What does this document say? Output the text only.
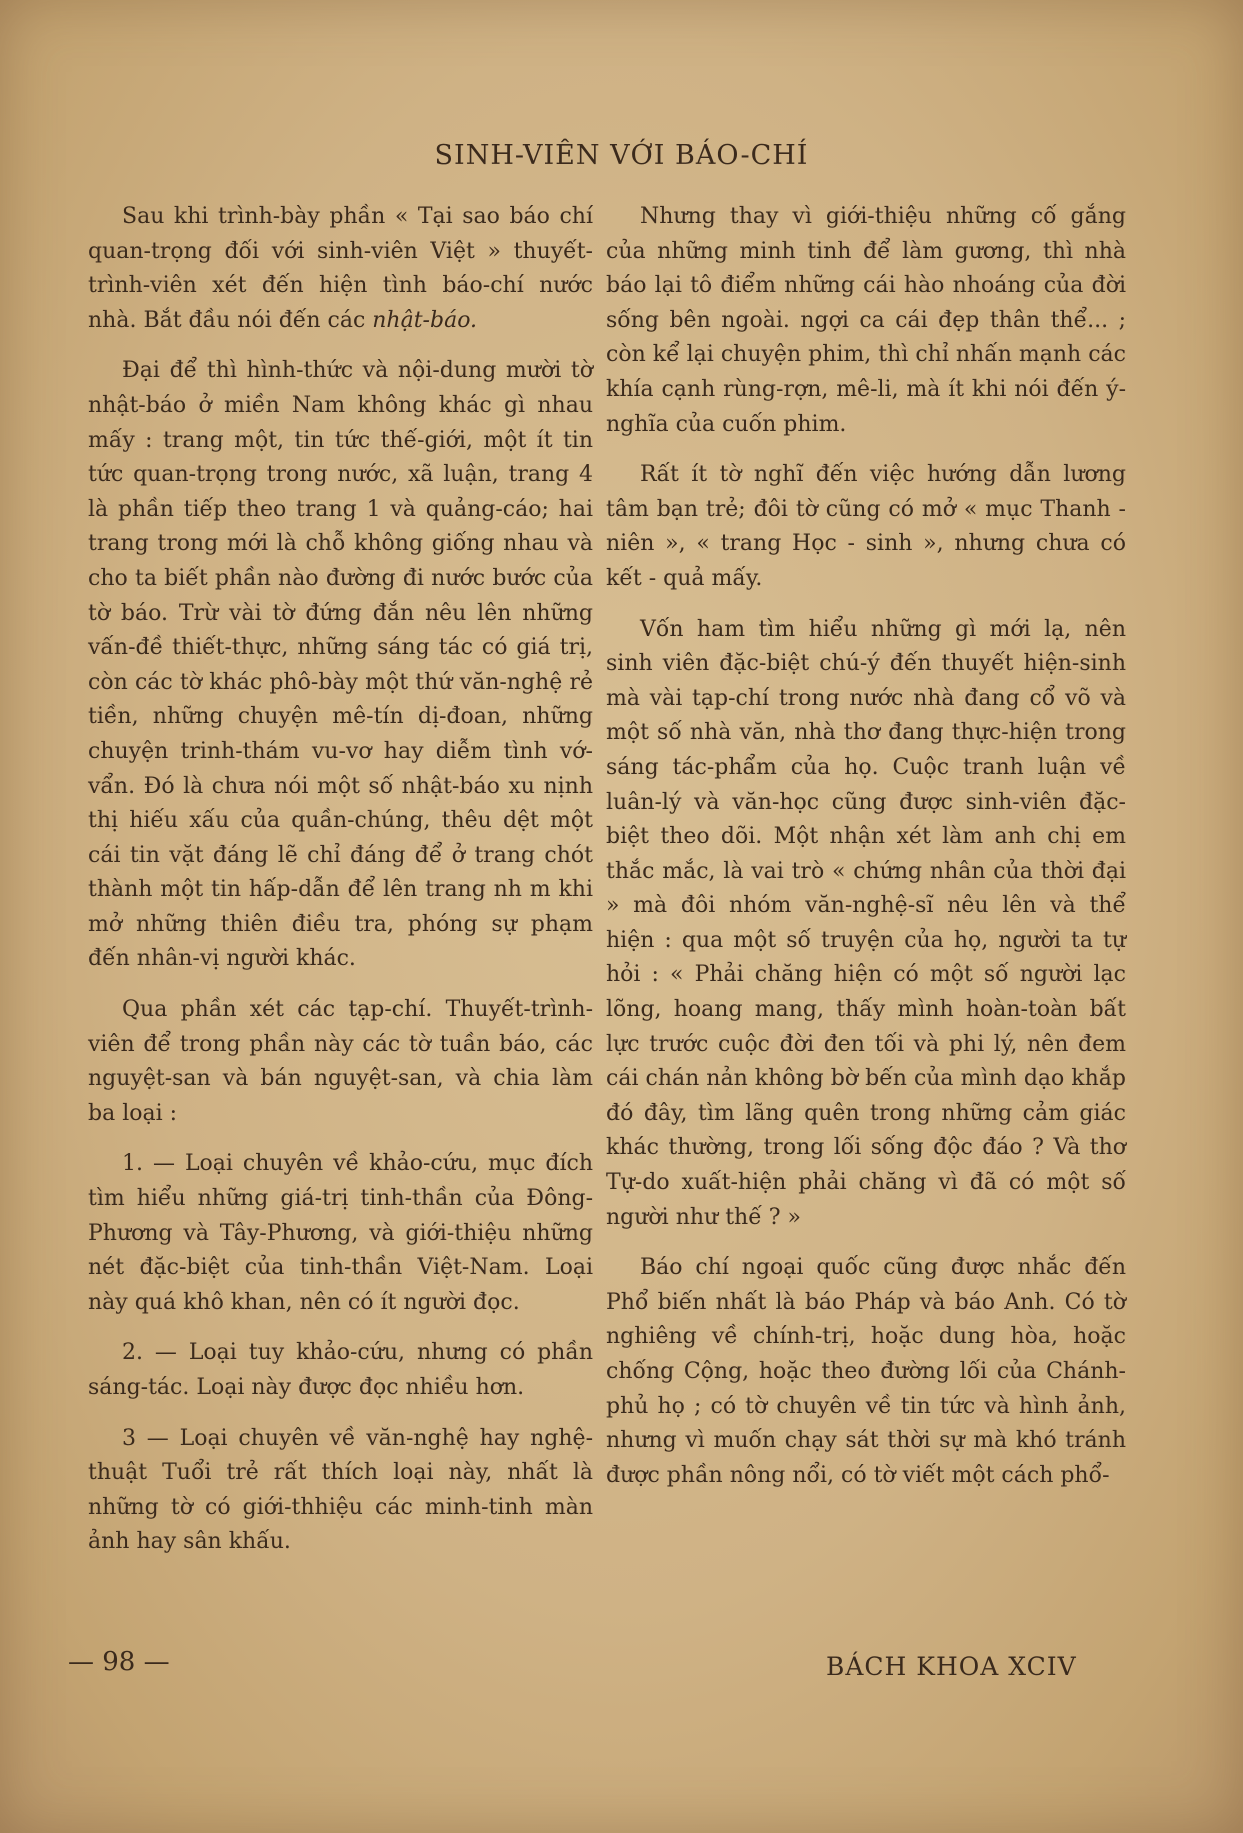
SINH-VIÊN VỚI BÁO-CHÍ

Sau khi trình-bày phần « Tại sao báo chí quan-trọng đối với sinh-viên Việt » thuyết-trình-viên xét đến hiện tình báo-chí nước nhà. Bắt đầu nói đến các nhật-báo.

Đại để thì hình-thức và nội-dung mười tờ nhật-báo ở miền Nam không khác gì nhau mấy : trang một, tin tức thế-giới, một ít tin tức quan-trọng trong nước, xã luận, trang 4 là phần tiếp theo trang 1 và quảng-cáo; hai trang trong mới là chỗ không giống nhau và cho ta biết phần nào đường đi nước bước của tờ báo. Trừ vài tờ đứng đắn nêu lên những vấn-đề thiết-thực, những sáng tác có giá trị, còn các tờ khác phô-bày một thứ văn-nghệ rẻ tiền, những chuyện mê-tín dị-đoan, những chuyện trinh-thám vu-vơ hay diễm tình vớ-vẩn. Đó là chưa nói một số nhật-báo xu nịnh thị hiếu xấu của quần-chúng, thêu dệt một cái tin vặt đáng lẽ chỉ đáng để ở trang chót thành một tin hấp-dẫn để lên trang nh m khi mở những thiên điều tra, phóng sự phạm đến nhân-vị người khác.

Qua phần xét các tạp-chí. Thuyết-trình-viên để trong phần này các tờ tuần báo, các nguyệt-san và bán nguyệt-san, và chia làm ba loại :

1. — Loại chuyên về khảo-cứu, mục đích tìm hiểu những giá-trị tinh-thần của Đông-Phương và Tây-Phương, và giới-thiệu những nét đặc-biệt của tinh-thần Việt-Nam. Loại này quá khô khan, nên có ít người đọc.

2. — Loại tuy khảo-cứu, nhưng có phần sáng-tác. Loại này được đọc nhiều hơn.

3 — Loại chuyên về văn-nghệ hay nghệ-thuật Tuổi trẻ rất thích loại này, nhất là những tờ có giới-thhiệu các minh-tinh màn ảnh hay sân khấu.

Nhưng thay vì giới-thiệu những cố gắng của những minh tinh để làm gương, thì nhà báo lại tô điểm những cái hào nhoáng của đời sống bên ngoài. ngợi ca cái đẹp thân thể... ; còn kể lại chuyện phim, thì chỉ nhấn mạnh các khía cạnh rùng-rợn, mê-li, mà ít khi nói đến ý-nghĩa của cuốn phim.

Rất ít tờ nghĩ đến việc hướng dẫn lương tâm bạn trẻ; đôi tờ cũng có mở « mục Thanh - niên », « trang Học - sinh », nhưng chưa có kết - quả mấy.

Vốn ham tìm hiểu những gì mới lạ, nên sinh viên đặc-biệt chú-ý đến thuyết hiện-sinh mà vài tạp-chí trong nước nhà đang cổ võ và một số nhà văn, nhà thơ đang thực-hiện trong sáng tác-phẩm của họ. Cuộc tranh luận về luân-lý và văn-học cũng được sinh-viên đặc-biệt theo dõi. Một nhận xét làm anh chị em thắc mắc, là vai trò « chứng nhân của thời đại » mà đôi nhóm văn-nghệ-sĩ nêu lên và thể hiện : qua một số truyện của họ, người ta tự hỏi : « Phải chăng hiện có một số người lạc lõng, hoang mang, thấy mình hoàn-toàn bất lực trước cuộc đời đen tối và phi lý, nên đem cái chán nản không bờ bến của mình dạo khắp đó đây, tìm lãng quên trong những cảm giác khác thường, trong lối sống độc đáo ? Và thơ Tự-do xuất-hiện phải chăng vì đã có một số người như thế ? »

Báo chí ngoại quốc cũng được nhắc đến Phổ biến nhất là báo Pháp và báo Anh. Có tờ nghiêng về chính-trị, hoặc dung hòa, hoặc chống Cộng, hoặc theo đường lối của Chánh-phủ họ ; có tờ chuyên về tin tức và hình ảnh, nhưng vì muốn chạy sát thời sự mà khó tránh được phần nông nổi, có tờ viết một cách phổ-

— 98 —	BÁCH KHOA XCIV
